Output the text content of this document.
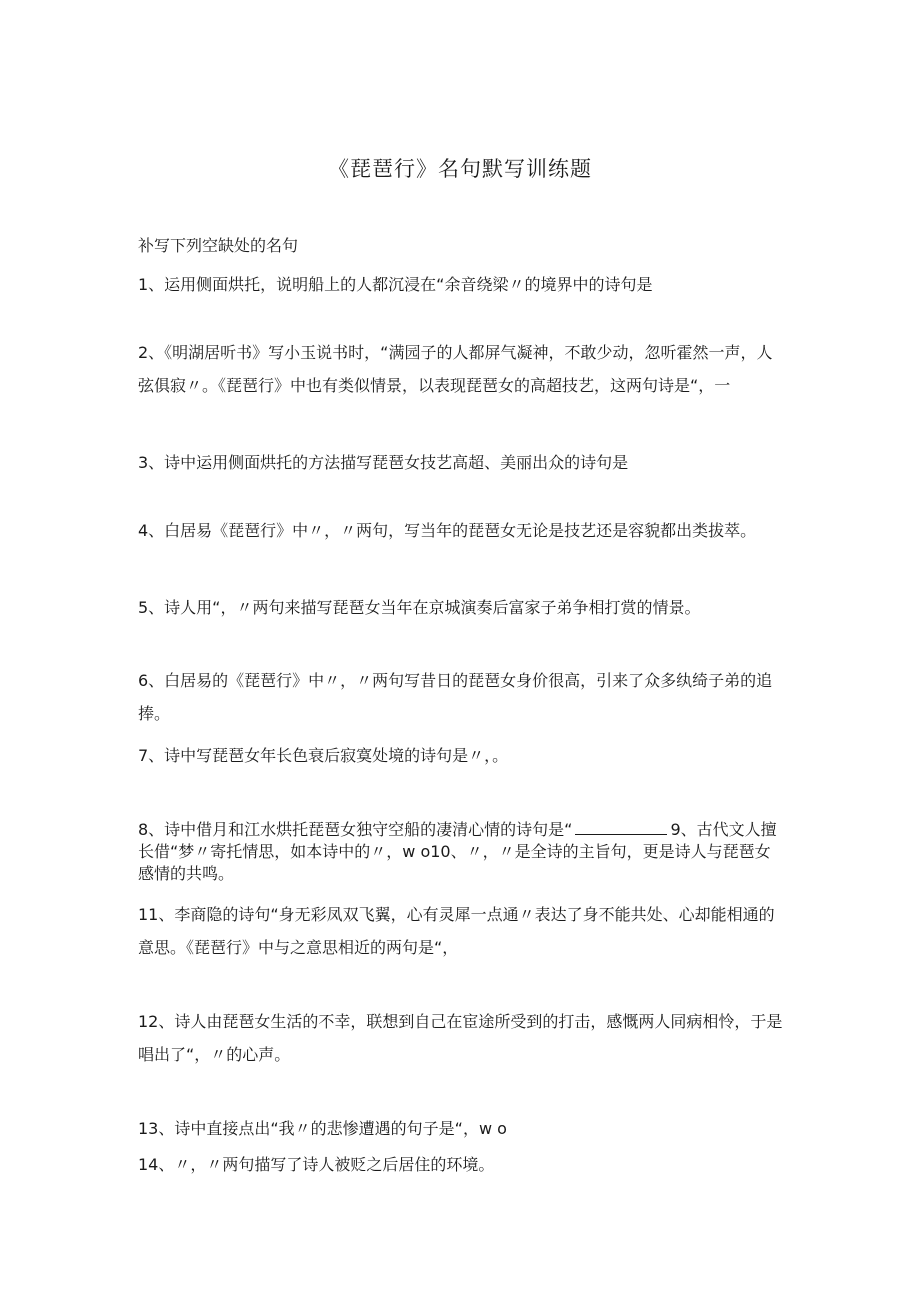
《琵琶行》名句默写训练题
补写下列空缺处的名句
1、运用侧面烘托，说明船上的人都沉浸在“余音绕梁〃的境界中的诗句是
2、《明湖居听书》写小玉说书时，“满园子的人都屏气凝神，不敢少动，忽听霍然一声，人弦俱寂〃。《琵琶行》中也有类似情景，以表现琵琶女的高超技艺，这两句诗是“，一
3、诗中运用侧面烘托的方法描写琵琶女技艺高超、美丽出众的诗句是
4、白居易《琵琶行》中〃，〃两句，写当年的琵琶女无论是技艺还是容貌都出类拔萃。
5、诗人用“，〃两句来描写琵琶女当年在京城演奏后富家子弟争相打赏的情景。
6、白居易的《琵琶行》中〃，〃两句写昔日的琵琶女身价很高，引来了众多纨绮子弟的追捧。
7、诗中写琵琶女年长色衰后寂寞处境的诗句是〃，。
8、诗中借月和江水烘托琵琶女独守空船的凄清心情的诗句是“	9、古代文人擅长借“梦〃寄托情思，如本诗中的〃，w o10、〃，〃是全诗的主旨句，更是诗人与琵琶女感情的共鸣。
11、李商隐的诗句“身无彩凤双飞翼，心有灵犀一点通〃表达了身不能共处、心却能相通的意思。《琵琶行》中与之意思相近的两句是“，
12、诗人由琵琶女生活的不幸，联想到自己在宦途所受到的打击，感慨两人同病相怜，于是唱出了“，〃的心声。
13、诗中直接点出“我〃的悲惨遭遇的句子是“，w o
14、〃，〃两句描写了诗人被贬之后居住的环境。
